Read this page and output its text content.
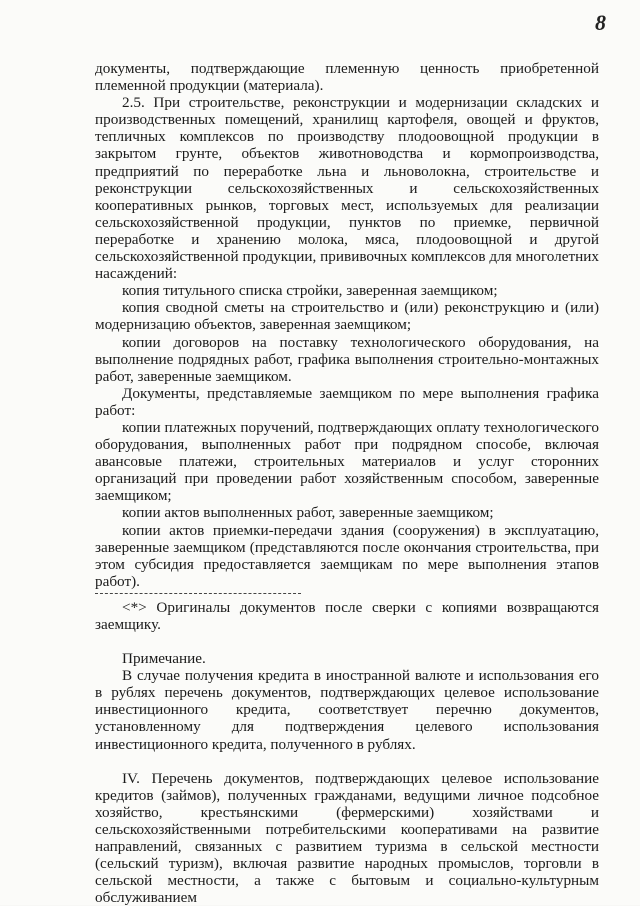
8

документы, подтверждающие племенную ценность приобретенной племенной продукции (материала).

2.5. При строительстве, реконструкции и модернизации складских и производственных помещений, хранилищ картофеля, овощей и фруктов, тепличных комплексов по производству плодоовощной продукции в закрытом грунте, объектов животноводства и кормопроизводства, предприятий по переработке льна и льноволокна, строительстве и реконструкции сельскохозяйственных и сельскохозяйственных кооперативных рынков, торговых мест, используемых для реализации сельскохозяйственной продукции, пунктов по приемке, первичной переработке и хранению молока, мяса, плодоовощной и другой сельскохозяйственной продукции, прививочных комплексов для многолетних насаждений:

копия титульного списка стройки, заверенная заемщиком;

копия сводной сметы на строительство и (или) реконструкцию и (или) модернизацию объектов, заверенная заемщиком;

копии договоров на поставку технологического оборудования, на выполнение подрядных работ, графика выполнения строительно-монтажных работ, заверенные заемщиком.

Документы, представляемые заемщиком по мере выполнения графика работ:

копии платежных поручений, подтверждающих оплату технологического оборудования, выполненных работ при подрядном способе, включая авансовые платежи, строительных материалов и услуг сторонних организаций при проведении работ хозяйственным способом, заверенные заемщиком;

копии актов выполненных работ, заверенные заемщиком;

копии актов приемки-передачи здания (сооружения) в эксплуатацию, заверенные заемщиком (представляются после окончания строительства, при этом субсидия предоставляется заемщикам по мере выполнения этапов работ).

<*> Оригиналы документов после сверки с копиями возвращаются заемщику.

Примечание.

В случае получения кредита в иностранной валюте и использования его в рублях перечень документов, подтверждающих целевое использование инвестиционного кредита, соответствует перечню документов, установленному для подтверждения целевого использования инвестиционного кредита, полученного в рублях.

IV. Перечень документов, подтверждающих целевое использование кредитов (займов), полученных гражданами, ведущими личное подсобное хозяйство, крестьянскими (фермерскими) хозяйствами и сельскохозяйственными потребительскими кооперативами на развитие направлений, связанных с развитием туризма в сельской местности (сельский туризм), включая развитие народных промыслов, торговли в сельской местности, а также с бытовым и социально-культурным обслуживанием
